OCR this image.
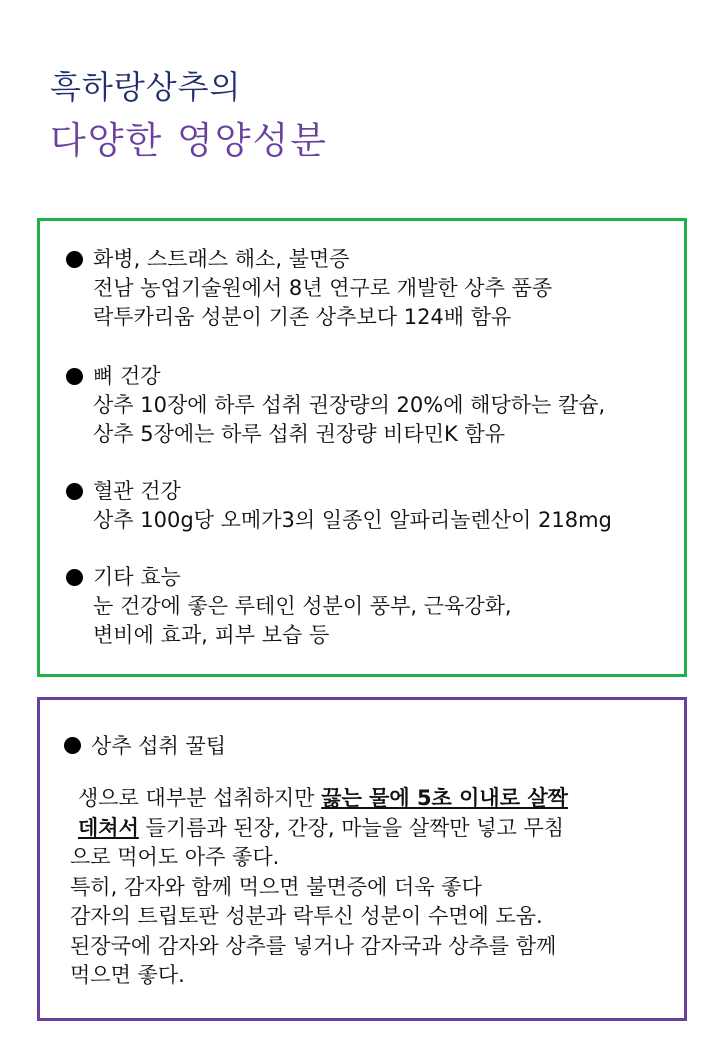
흑하랑상추의
다양한 영양성분
화병, 스트래스 해소, 불면증
전남 농업기술원에서 8년 연구로 개발한 상추 품종
락투카리움 성분이 기존 상추보다 124배 함유
뼈 건강
상추 10장에 하루 섭취 권장량의 20%에 해당하는 칼슘,
상추 5장에는 하루 섭취 권장량 비타민K 함유
혈관 건강
상추 100g당 오메가3의 일종인 알파리놀렌산이 218mg
기타 효능
눈 건강에 좋은 루테인 성분이 풍부, 근육강화,
변비에 효과, 피부 보습 등
상추 섭취 꿀팁
생으로 대부분 섭취하지만 끓는 물에 5초 이내로 살짝
데쳐서 들기름과 된장, 간장, 마늘을 살짝만 넣고 무침
으로 먹어도 아주 좋다.
특히, 감자와 함께 먹으면 불면증에 더욱 좋다
감자의 트립토판 성분과 락투신 성분이 수면에 도움.
된장국에 감자와 상추를 넣거나 감자국과 상추를 함께
먹으면 좋다.
